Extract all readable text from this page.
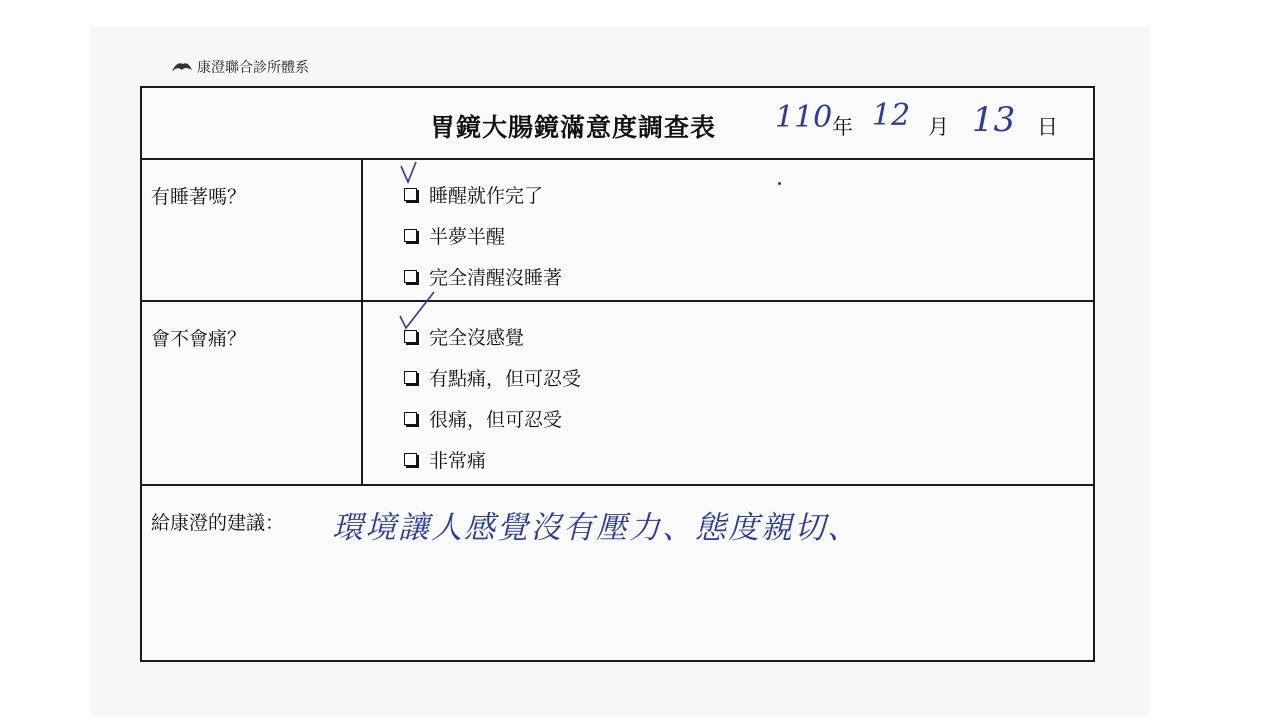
康澄聯合診所體系
胃鏡大腸鏡滿意度調查表 110 年 12 月 13 日
有睡著嗎？	睡醒就作完了
半夢半醒
完全清醒沒睡著
會不會痛？	完全沒感覺
有點痛，但可忍受
很痛，但可忍受
非常痛
給康澄的建議： 環境讓人感覺沒有壓力、態度親切、
